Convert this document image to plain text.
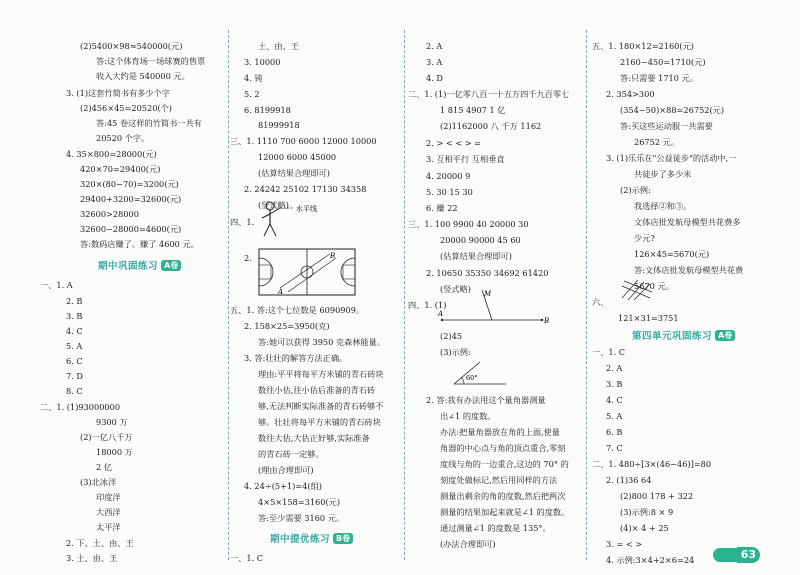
(2)5400×98≈540000(元)
答:这个体育场一场球赛的售票
收入大约是 540000 元。
3. (1)这套竹简书有多少个字
(2)456×45=20520(个)
答:45 卷这样的竹简书一共有
20520 个字。
4. 35×800=28000(元)
420×70=29400(元)
320×(80−70)=3200(元)
29400+3200=32600(元)
32600>28000
32600−28000=4600(元)
答:数码店赚了。赚了 4600 元。
期中巩固练习 A卷
一、1. A
2. B
3. B
4. C
5. A
6. C
7. D
8. C
二、1. (1)93000000
9300 万
(2)一亿八千万
18000 万
2 亿
(3)北冰洋
印度洋
大西洋
太平洋
2. 下、土、由、王
3. 土、由、王
土、由、王
3. 10000
4. 钝
5. 2
6. 8199918
81999918
三、1. 1110 700 6000 12000 10000
12000 6000 45000
(估算结果合理即可)
2. 24242 25102 17130 34358
(竖式略)
四、1.
水平线
2.
A
B
五、1. 答:这个七位数是 6090909。
2. 158×25=3950(克)
答:她可以获得 3950 克森林能量。
3. 答:壮壮的解答方法正确。
理由:平平将每平方米铺的青石砖块
数往小估,往小估后准备的青石砖
够,无法判断实际准备的青石砖够不
够。壮壮将每平方米铺的青石砖块
数往大估,大估正好够,实际准备
的青石砖一定够。
(理由合理即可)
4. 24÷(5+1)=4(组)
4×5×158=3160(元)
答:至少需要 3160 元。
期中提优练习 B卷
一、1. C
2. A
3. A
4. D
二、1. (1)一亿零八百一十五万四千九百零七
1 815 4907 1 亿
(2)1162000 八 千万 1162
2. > < < > =
3. 互相平行 互相垂直
4. 20000 9
5. 30 15 30
6. 赚 22
三、1. 100 9900 40 20000 30
20000 90000 45 60
(估算结果合理即可)
2. 10650 35350 34692 61420
(竖式略)
四、1. (1)
A
B
M
(2)45
(3)示例:
60°
2. 答:我有办法用这个量角器测量
出∠1 的度数。
办法:把量角器放在角的上面,使量
角器的中心点与角的顶点重合,零刻
度线与角的一边重合,这边的 70° 的
刻度处做标记,然后用同样的方法
测量出剩余的角的度数,然后把两次
测量的结果加起来就是∠1 的度数。
通过测量∠1 的度数是 135°。
(办法合理即可)
五、1. 180×12=2160(元)
2160−450=1710(元)
答:只需要 1710 元。
2. 354>300
(354−50)×88=26752(元)
答:买这些运动服一共需要
26752 元。
3. (1)乐乐在"公益徒步"的活动中,一
共徒步了多少米
(2)示例:
我选择②和③。
文体店批发航母模型共花费多
少元?
126×45=5670(元)
答:文体店批发航母模型共花费
5670 元。
六、
121×31=3751
第四单元巩固练习 A卷
一、1. C
2. A
3. B
4. C
5. A
6. B
7. C
二、1. 480÷[3×(46−46)]=80
2. (1)36 64
(2)800 178 + 322
(3)示例:8 × 9
(4)× 4 + 25
3. = < >
4. 示例:3×4+2×6=24	63
